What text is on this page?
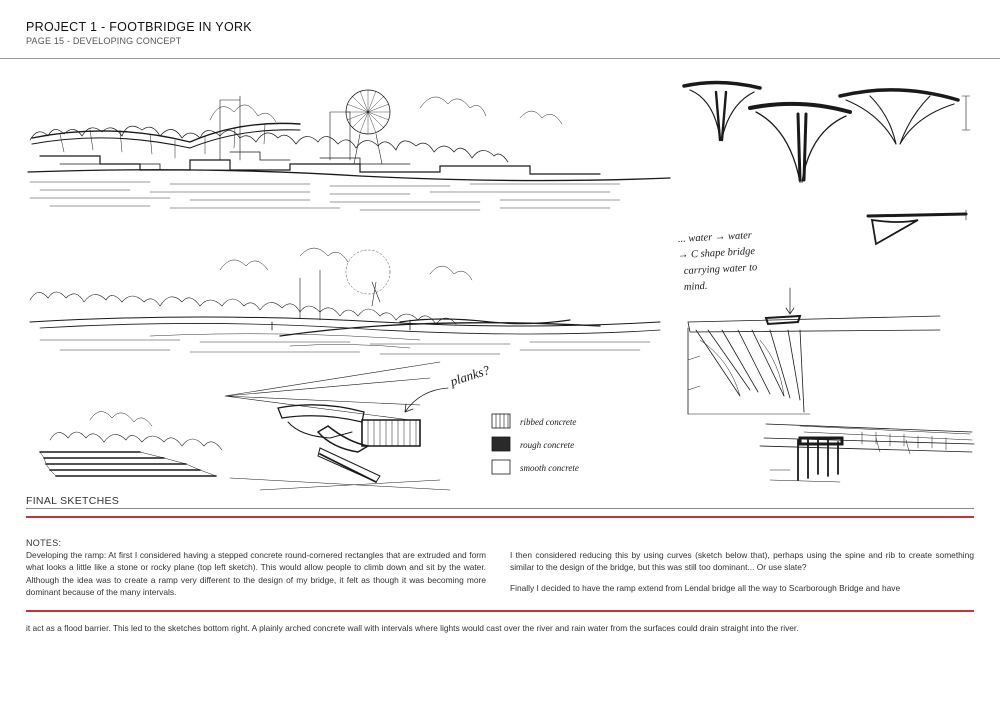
PROJECT 1 - FOOTBRIDGE IN YORK
PAGE 15 - DEVELOPING CONCEPT
planks?
ribbed concrete
rough concrete
smooth concrete
... water → water
→ C shape bridge
carrying water to
mind.
FINAL SKETCHES
NOTES:

Developing the ramp: At first I considered having a stepped concrete round-cornered rectangles that are extruded and form what looks a little like a stone or rocky plane (top left sketch). This would allow people to climb down and sit by the water. Although the idea was to create a ramp very different to the design of my bridge, it felt as though it was becoming more dominant because of the many intervals.

I then considered reducing this by using curves (sketch below that), perhaps using the spine and rib to create something similar to the design of the bridge, but this was still too dominant... Or use slate?

Finally I decided to have the ramp extend from Lendal bridge all the way to Scarborough Bridge and have

it act as a flood barrier. This led to the sketches bottom right. A plainly arched concrete wall with intervals where lights would cast over the river and rain water from the surfaces could drain straight into the river.
